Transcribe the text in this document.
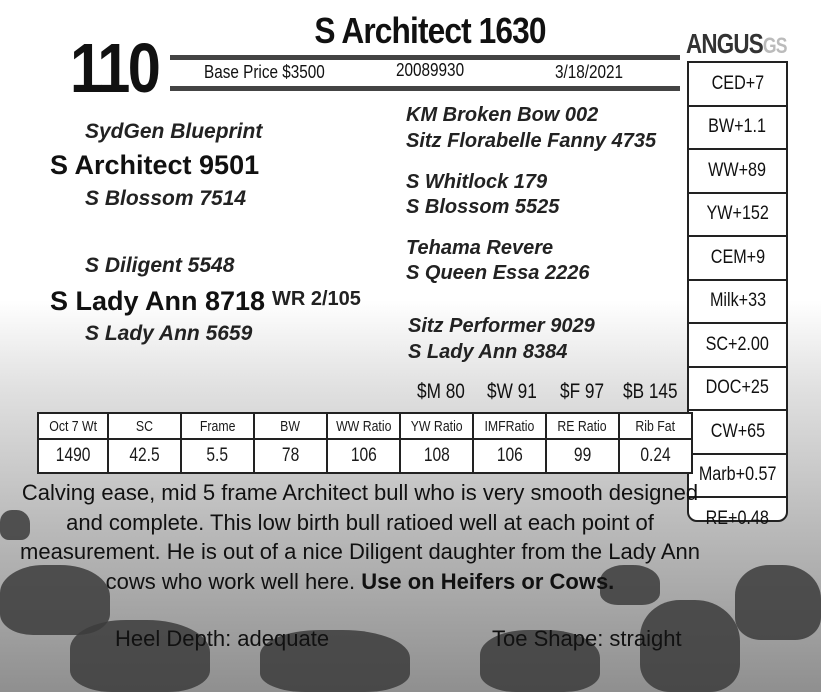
110	S Architect 1630	ANGUSGS
Base Price $3500	20089930	3/18/2021
SydGen Blueprint
S Architect 9501
S Blossom 7514
S Diligent 5548
S Lady Ann 8718 WR 2/105
S Lady Ann 5659
KM Broken Bow 002
Sitz Florabelle Fanny 4735
S Whitlock 179
S Blossom 5525
Tehama Revere
S Queen Essa 2226
Sitz Performer 9029
S Lady Ann 8384
CED+7
BW+1.1
WW+89
YW+152
CEM+9
Milk+33
SC+2.00
DOC+25
CW+65
Marb+0.57
RE+0.48
$M 80 $W 91 $F 97 $B 145
Oct 7 Wt	SC	Frame	BW	WW Ratio	YW Ratio	IMFRatio	RE Ratio	Rib Fat
1490	42.5	5.5	78	106	108	106	99	0.24
Calving ease, mid 5 frame Architect bull who is very smooth designed and complete. This low birth bull ratioed well at each point of measurement. He is out of a nice Diligent daughter from the Lady Ann cows who work well here. Use on Heifers or Cows.
Heel Depth: adequate	Toe Shape: straight
